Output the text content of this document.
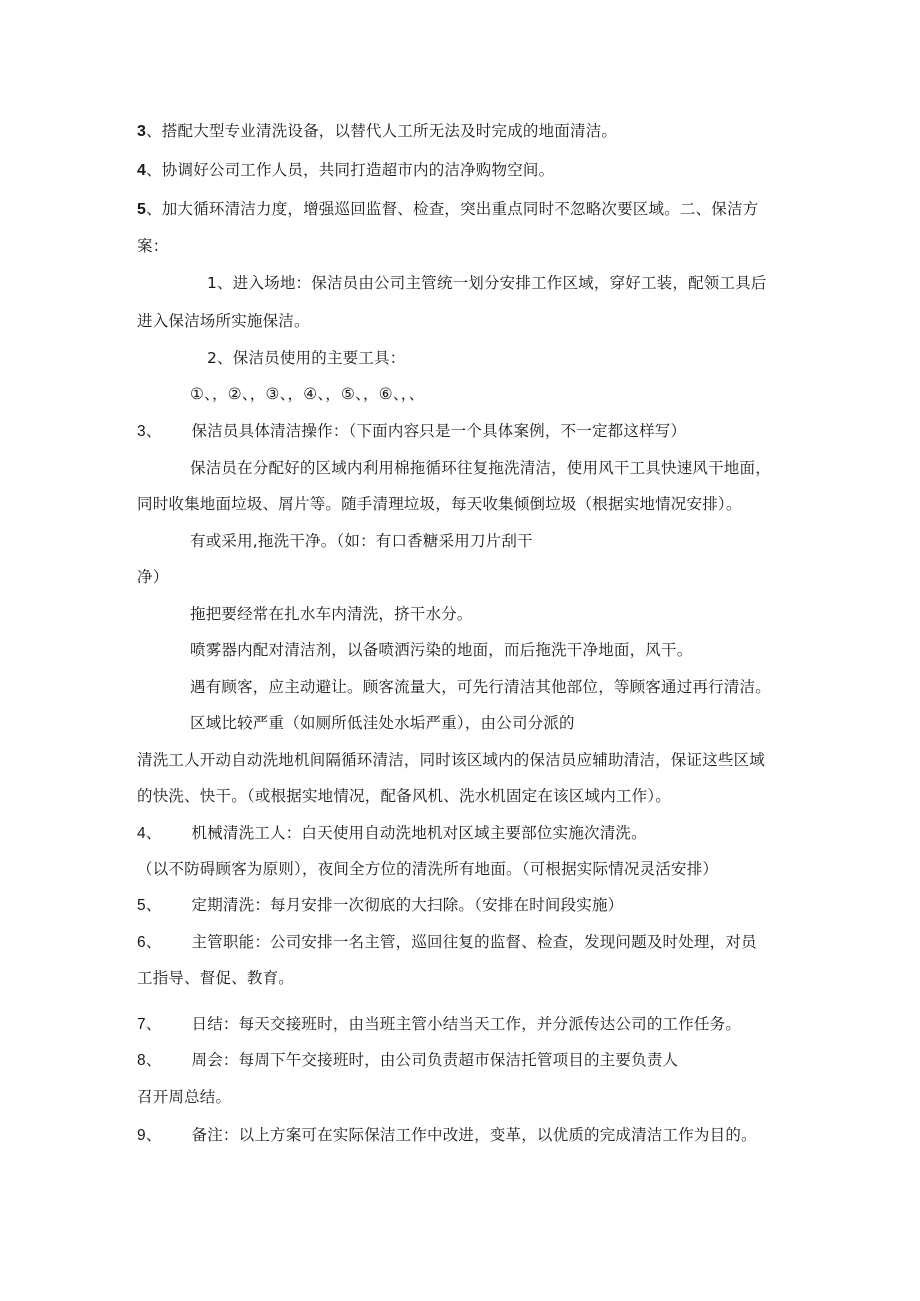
3、搭配大型专业清洗设备，以替代人工所无法及时完成的地面清洁。
4、协调好公司工作人员，共同打造超市内的洁净购物空间。
5、加大循环清洁力度，增强巡回监督、检查，突出重点同时不忽略次要区域。二、保洁方
案：
1、进入场地：保洁员由公司主管统一划分安排工作区域，穿好工装，配领工具后
进入保洁场所实施保洁。
2、保洁员使用的主要工具：
①、，②、，③、，④、，⑤、，⑥、，、
3、 保洁员具体清洁操作：（下面内容只是一个具体案例，不一定都这样写）
保洁员在分配好的区域内利用棉拖循环往复拖洗清洁，使用风干工具快速风干地面，
同时收集地面垃圾、屑片等。随手清理垃圾，每天收集倾倒垃圾（根据实地情况安排）。
有或采用,拖洗干净。（如：有口香糖采用刀片刮干
净）
拖把要经常在扎水车内清洗，挤干水分。
喷雾器内配对清洁剂，以备喷洒污染的地面，而后拖洗干净地面，风干。
遇有顾客，应主动避让。顾客流量大，可先行清洁其他部位，等顾客通过再行清洁。
区域比较严重（如厕所低洼处水垢严重），由公司分派的
清洗工人开动自动洗地机间隔循环清洁，同时该区域内的保洁员应辅助清洁，保证这些区域
的快洗、快干。（或根据实地情况，配备风机、洗水机固定在该区域内工作）。
4、 机械清洗工人：白天使用自动洗地机对区域主要部位实施次清洗。
（以不防碍顾客为原则），夜间全方位的清洗所有地面。（可根据实际情况灵活安排）
5、 定期清洗：每月安排一次彻底的大扫除。（安排在时间段实施）
6、 主管职能：公司安排一名主管，巡回往复的监督、检查，发现问题及时处理，对员
工指导、督促、教育。
7、 日结：每天交接班时，由当班主管小结当天工作，并分派传达公司的工作任务。
8、 周会：每周下午交接班时，由公司负责超市保洁托管项目的主要负责人
召开周总结。
9、 备注：以上方案可在实际保洁工作中改进，变革，以优质的完成清洁工作为目的。
